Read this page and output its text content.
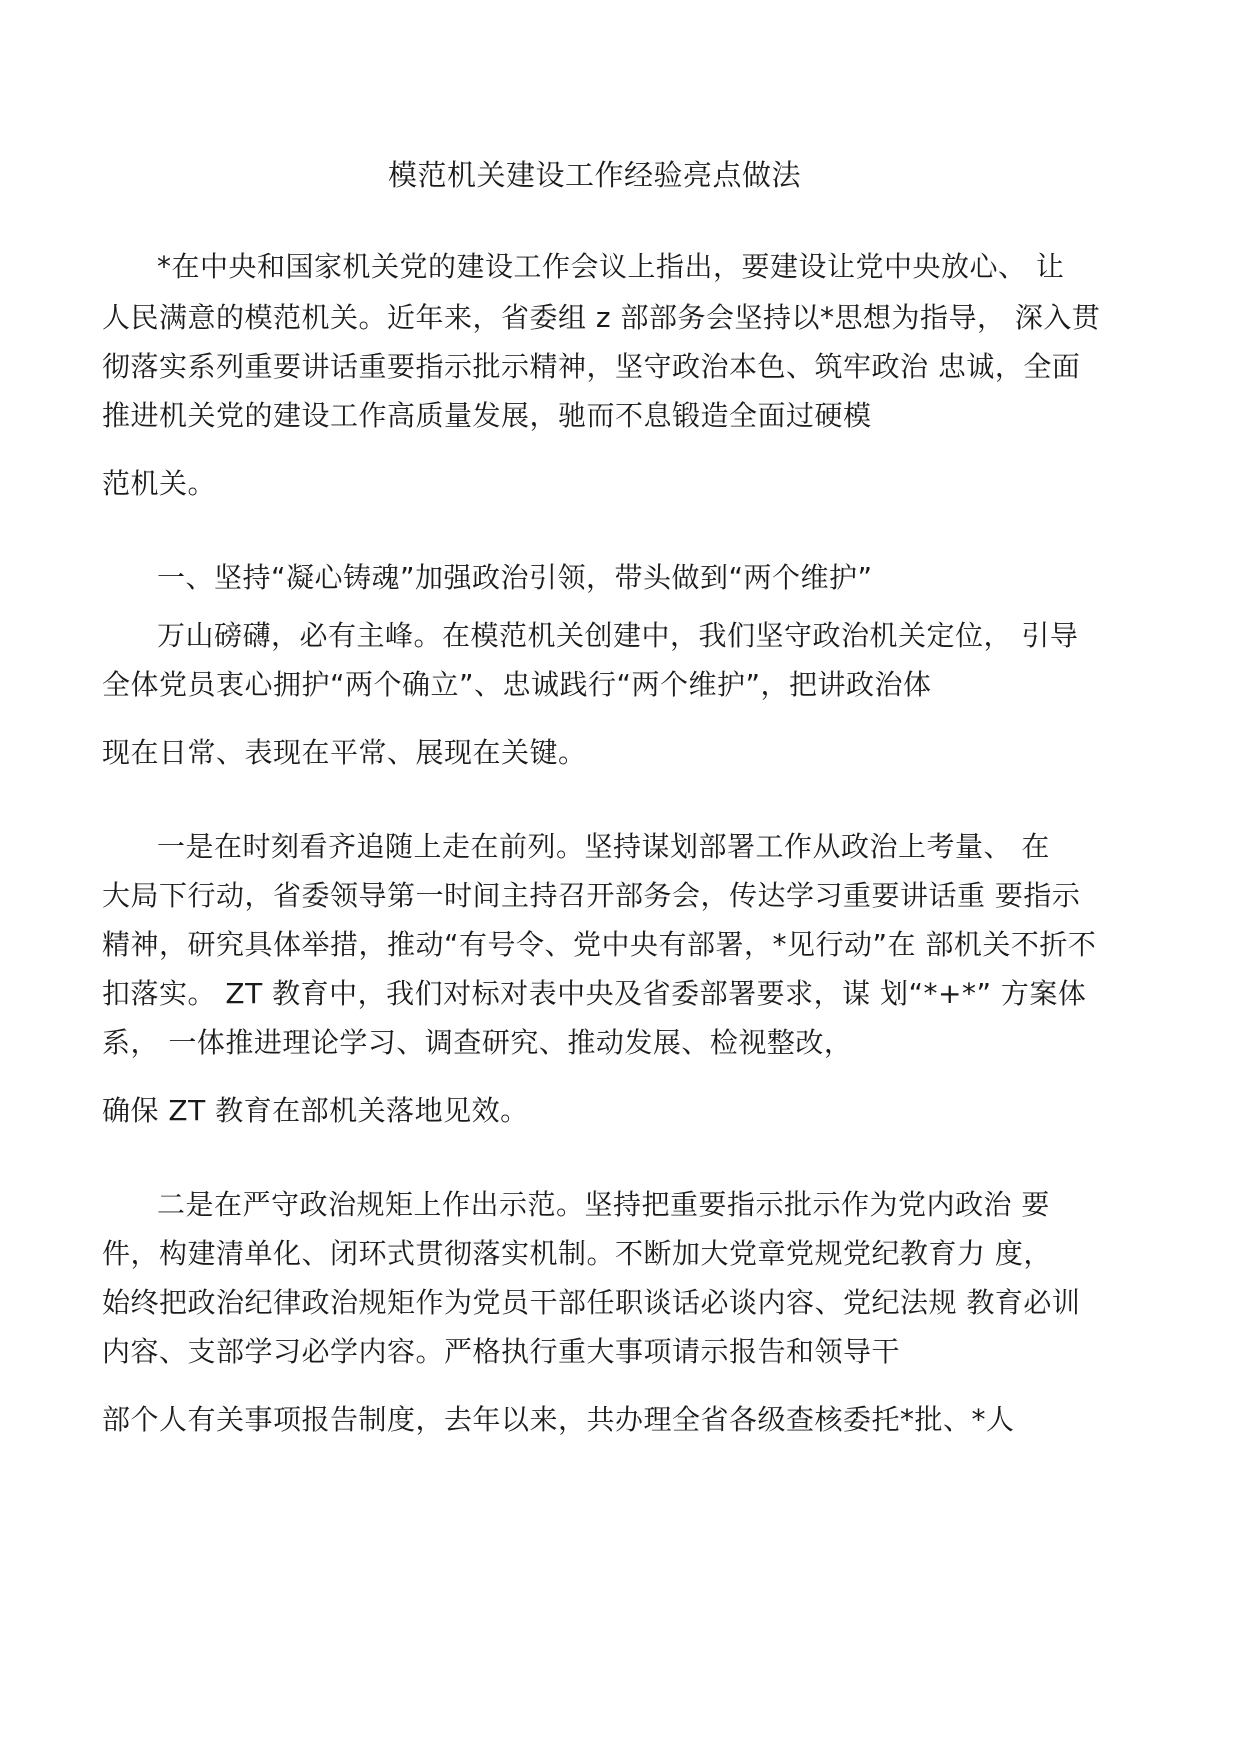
模范机关建设工作经验亮点做法
*在中央和国家机关党的建设工作会议上指出，要建设让党中央放心、 让
人民满意的模范机关。近年来，省委组 z 部部务会坚持以*思想为指导， 深入贯
彻落实系列重要讲话重要指示批示精神，坚守政治本色、筑牢政治 忠诚，全面
推进机关党的建设工作高质量发展，驰而不息锻造全面过硬模
范机关。
一、坚持“凝心铸魂”加强政治引领，带头做到“两个维护”
万山磅礴，必有主峰。在模范机关创建中，我们坚守政治机关定位， 引导
全体党员衷心拥护“两个确立”、忠诚践行“两个维护”，把讲政治体
现在日常、表现在平常、展现在关键。
一是在时刻看齐追随上走在前列。坚持谋划部署工作从政治上考量、 在
大局下行动，省委领导第一时间主持召开部务会，传达学习重要讲话重 要指示
精神，研究具体举措，推动“有号令、党中央有部署，*见行动”在 部机关不折不
扣落实。 ZT 教育中，我们对标对表中央及省委部署要求，谋 划“*+*” 方案体
系， 一体推进理论学习、调查研究、推动发展、检视整改，
确保 ZT 教育在部机关落地见效。
二是在严守政治规矩上作出示范。坚持把重要指示批示作为党内政治 要
件，构建清单化、闭环式贯彻落实机制。不断加大党章党规党纪教育力 度，
始终把政治纪律政治规矩作为党员干部任职谈话必谈内容、党纪法规 教育必训
内容、支部学习必学内容。严格执行重大事项请示报告和领导干
部个人有关事项报告制度，去年以来，共办理全省各级查核委托*批、*人
